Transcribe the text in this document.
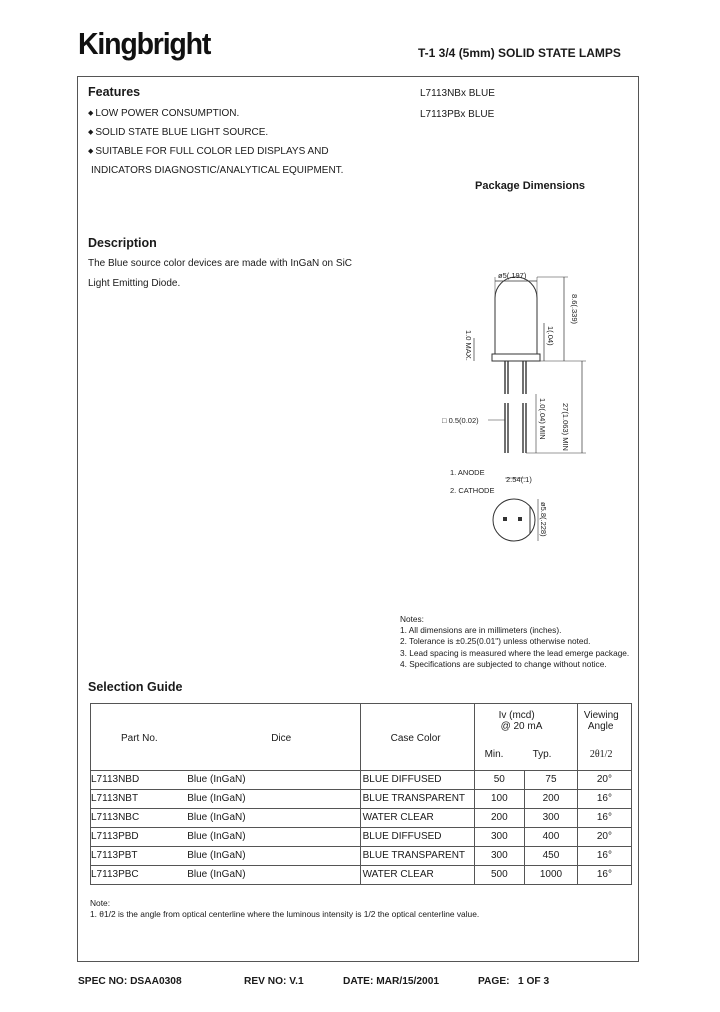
Kingbright	T-1 3/4 (5mm) SOLID STATE LAMPS
Features
◆ LOW POWER CONSUMPTION.
◆ SOLID STATE BLUE LIGHT SOURCE.
◆ SUITABLE FOR FULL COLOR LED DISPLAYS AND
INDICATORS DIAGNOSTIC/ANALYTICAL EQUIPMENT.
L7113NBx BLUE
L7113PBx BLUE
Package Dimensions
Description
The Blue source color devices are made with InGaN on SiC
Light Emitting Diode.
ø5(.197)
8.6(.339)
1(.04)
1.0 MAX.
□ 0.5(0.02)	1.0(.04) MIN 27(1.063) MIN
2.54(.1)
1. ANODE
2. CATHODE
ø5.8(.228)
Notes:
1. All dimensions are in millimeters (inches).
2. Tolerance is ±0.25(0.01") unless otherwise noted.
3. Lead spacing is measured where the lead emerge package.
4. Specifications are subjected to change without notice.
Selection Guide
Part No.	Dice	Case Color	Iv (mcd)
@ 20 mA
Min. Typ.		Viewing
Angle
2θ1/2

L7113NBD	Blue (InGaN)	BLUE DIFFUSED	50	75	20°
L7113NBT	Blue (InGaN)	BLUE TRANSPARENT	100	200	16°
L7113NBC	Blue (InGaN)	WATER CLEAR	200	300	16°
L7113PBD	Blue (InGaN)	BLUE DIFFUSED	300	400	20°
L7113PBT	Blue (InGaN)	BLUE TRANSPARENT	300	450	16°
L7113PBC	Blue (InGaN)	WATER CLEAR	500	1000	16°
Note:
1. θ1/2 is the angle from optical centerline where the luminous intensity is 1/2 the optical centerline value.
SPEC NO: DSAA0308	REV NO: V.1	DATE: MAR/15/2001	PAGE:   1 OF 3
